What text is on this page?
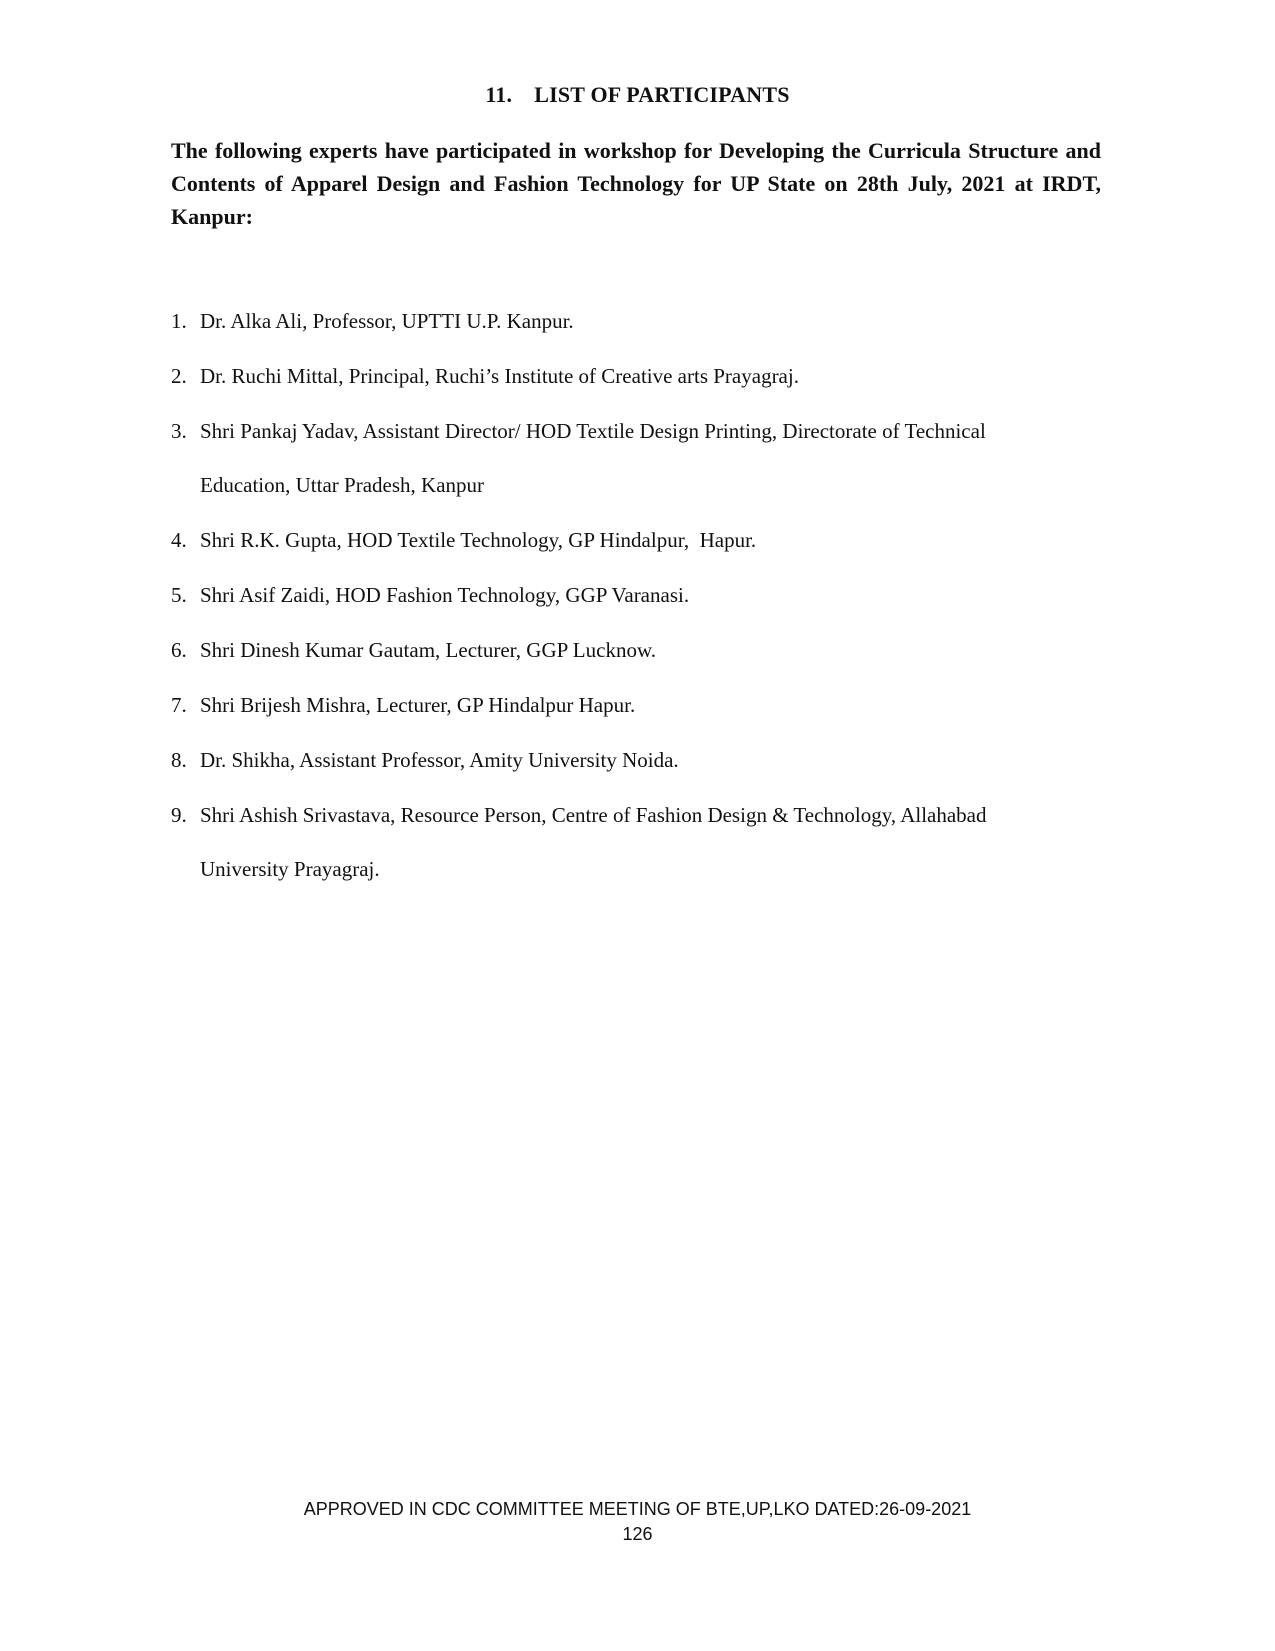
11. LIST OF PARTICIPANTS
The following experts have participated in workshop for Developing the Curricula Structure and Contents of Apparel Design and Fashion Technology for UP State on 28th July, 2021 at IRDT, Kanpur:
1. Dr. Alka Ali, Professor, UPTTI U.P. Kanpur.
2. Dr. Ruchi Mittal, Principal, Ruchi’s Institute of Creative arts Prayagraj.
3. Shri Pankaj Yadav, Assistant Director/ HOD Textile Design Printing, Directorate of Technical
Education, Uttar Pradesh, Kanpur
4. Shri R.K. Gupta, HOD Textile Technology, GP Hindalpur,  Hapur.
5. Shri Asif Zaidi, HOD Fashion Technology, GGP Varanasi.
6. Shri Dinesh Kumar Gautam, Lecturer, GGP Lucknow.
7. Shri Brijesh Mishra, Lecturer, GP Hindalpur Hapur.
8. Dr. Shikha, Assistant Professor, Amity University Noida.
9. Shri Ashish Srivastava, Resource Person, Centre of Fashion Design & Technology, Allahabad
University Prayagraj.
APPROVED IN CDC COMMITTEE MEETING OF BTE,UP,LKO DATED:26-09-2021
126
